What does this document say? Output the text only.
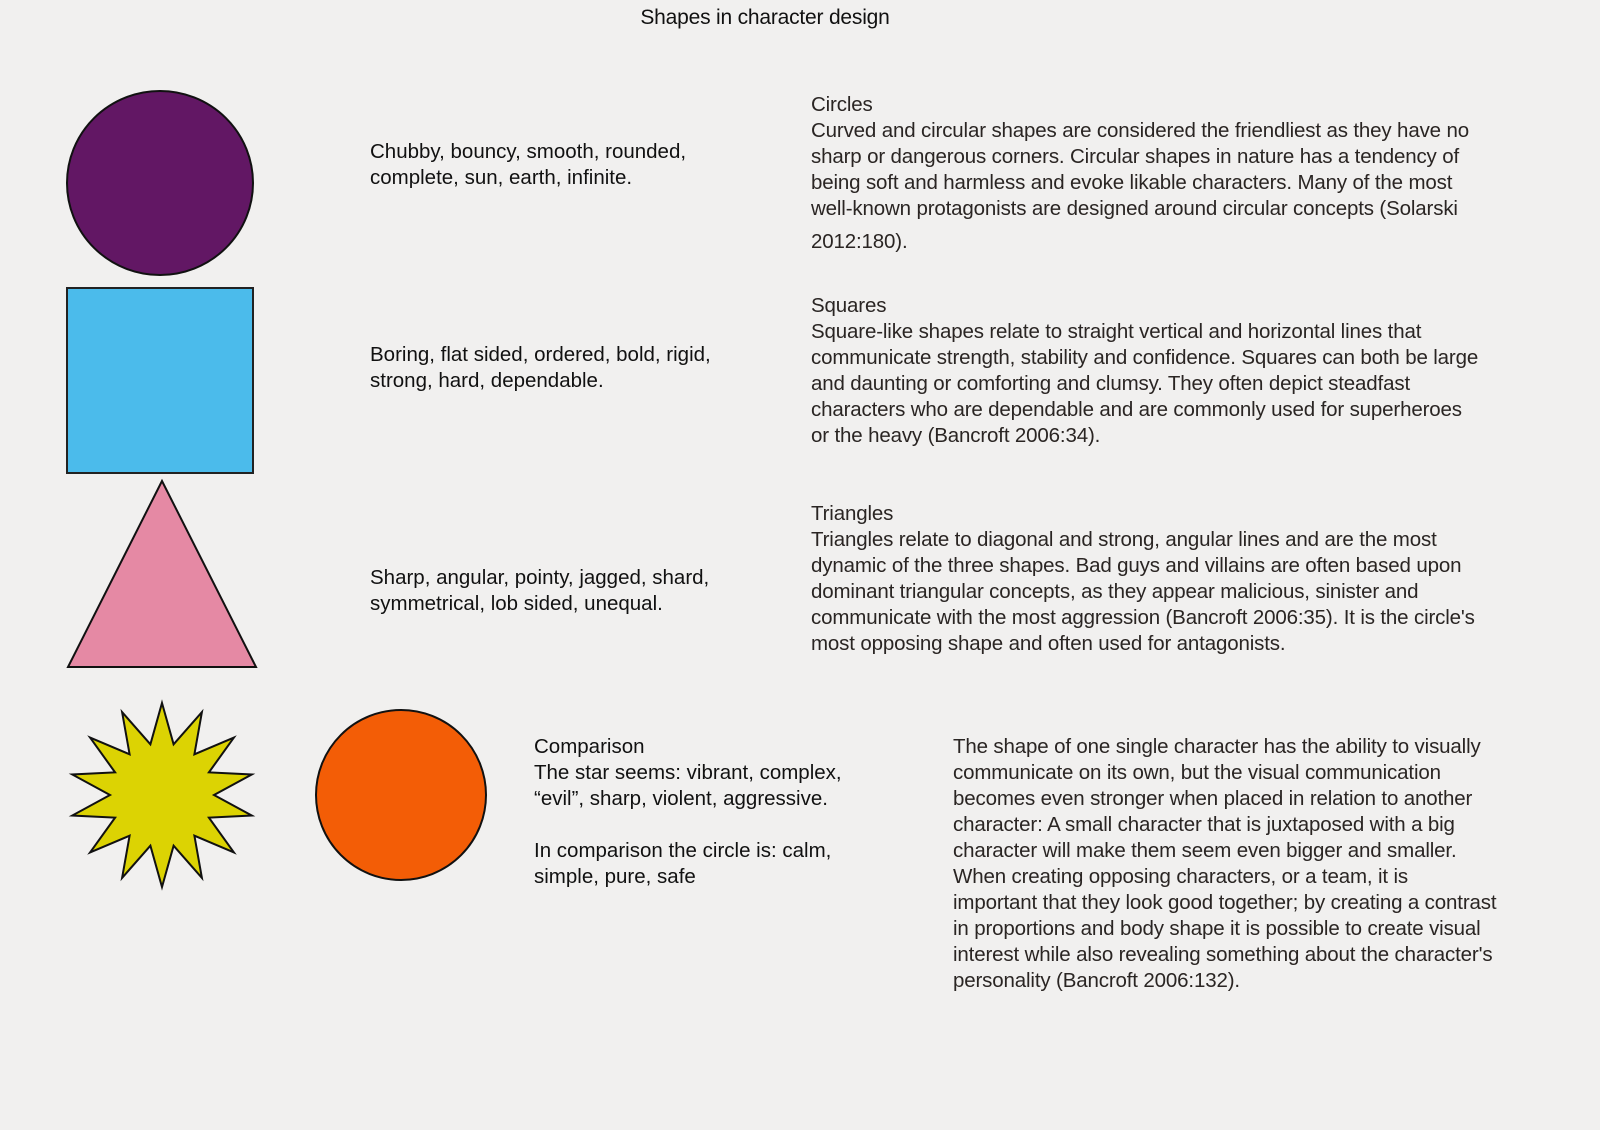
Shapes in character design
Chubby, bouncy, smooth, rounded,
complete, sun, earth, infinite.
Boring, flat sided, ordered, bold, rigid,
strong, hard, dependable.
Sharp, angular, pointy, jagged, shard,
symmetrical, lob sided, unequal.
Circles
Curved and circular shapes are considered the friendliest as they have no
sharp or dangerous corners. Circular shapes in nature has a tendency of
being soft and harmless and evoke likable characters. Many of the most
well-known protagonists are designed around circular concepts (Solarski
2012:180).
Squares
Square-like shapes relate to straight vertical and horizontal lines that
communicate strength, stability and confidence. Squares can both be large
and daunting or comforting and clumsy. They often depict steadfast
characters who are dependable and are commonly used for superheroes
or the heavy (Bancroft 2006:34).
Triangles
Triangles relate to diagonal and strong, angular lines and are the most
dynamic of the three shapes. Bad guys and villains are often based upon
dominant triangular concepts, as they appear malicious, sinister and
communicate with the most aggression (Bancroft 2006:35). It is the circle's
most opposing shape and often used for antagonists.
Comparison
The star seems: vibrant, complex,
“evil”, sharp, violent, aggressive.
In comparison the circle is: calm,
simple, pure, safe
The shape of one single character has the ability to visually
communicate on its own, but the visual communication
becomes even stronger when placed in relation to another
character: A small character that is juxtaposed with a big
character will make them seem even bigger and smaller.
When creating opposing characters, or a team, it is
important that they look good together; by creating a contrast
in proportions and body shape it is possible to create visual
interest while also revealing something about the character's
personality (Bancroft 2006:132).
